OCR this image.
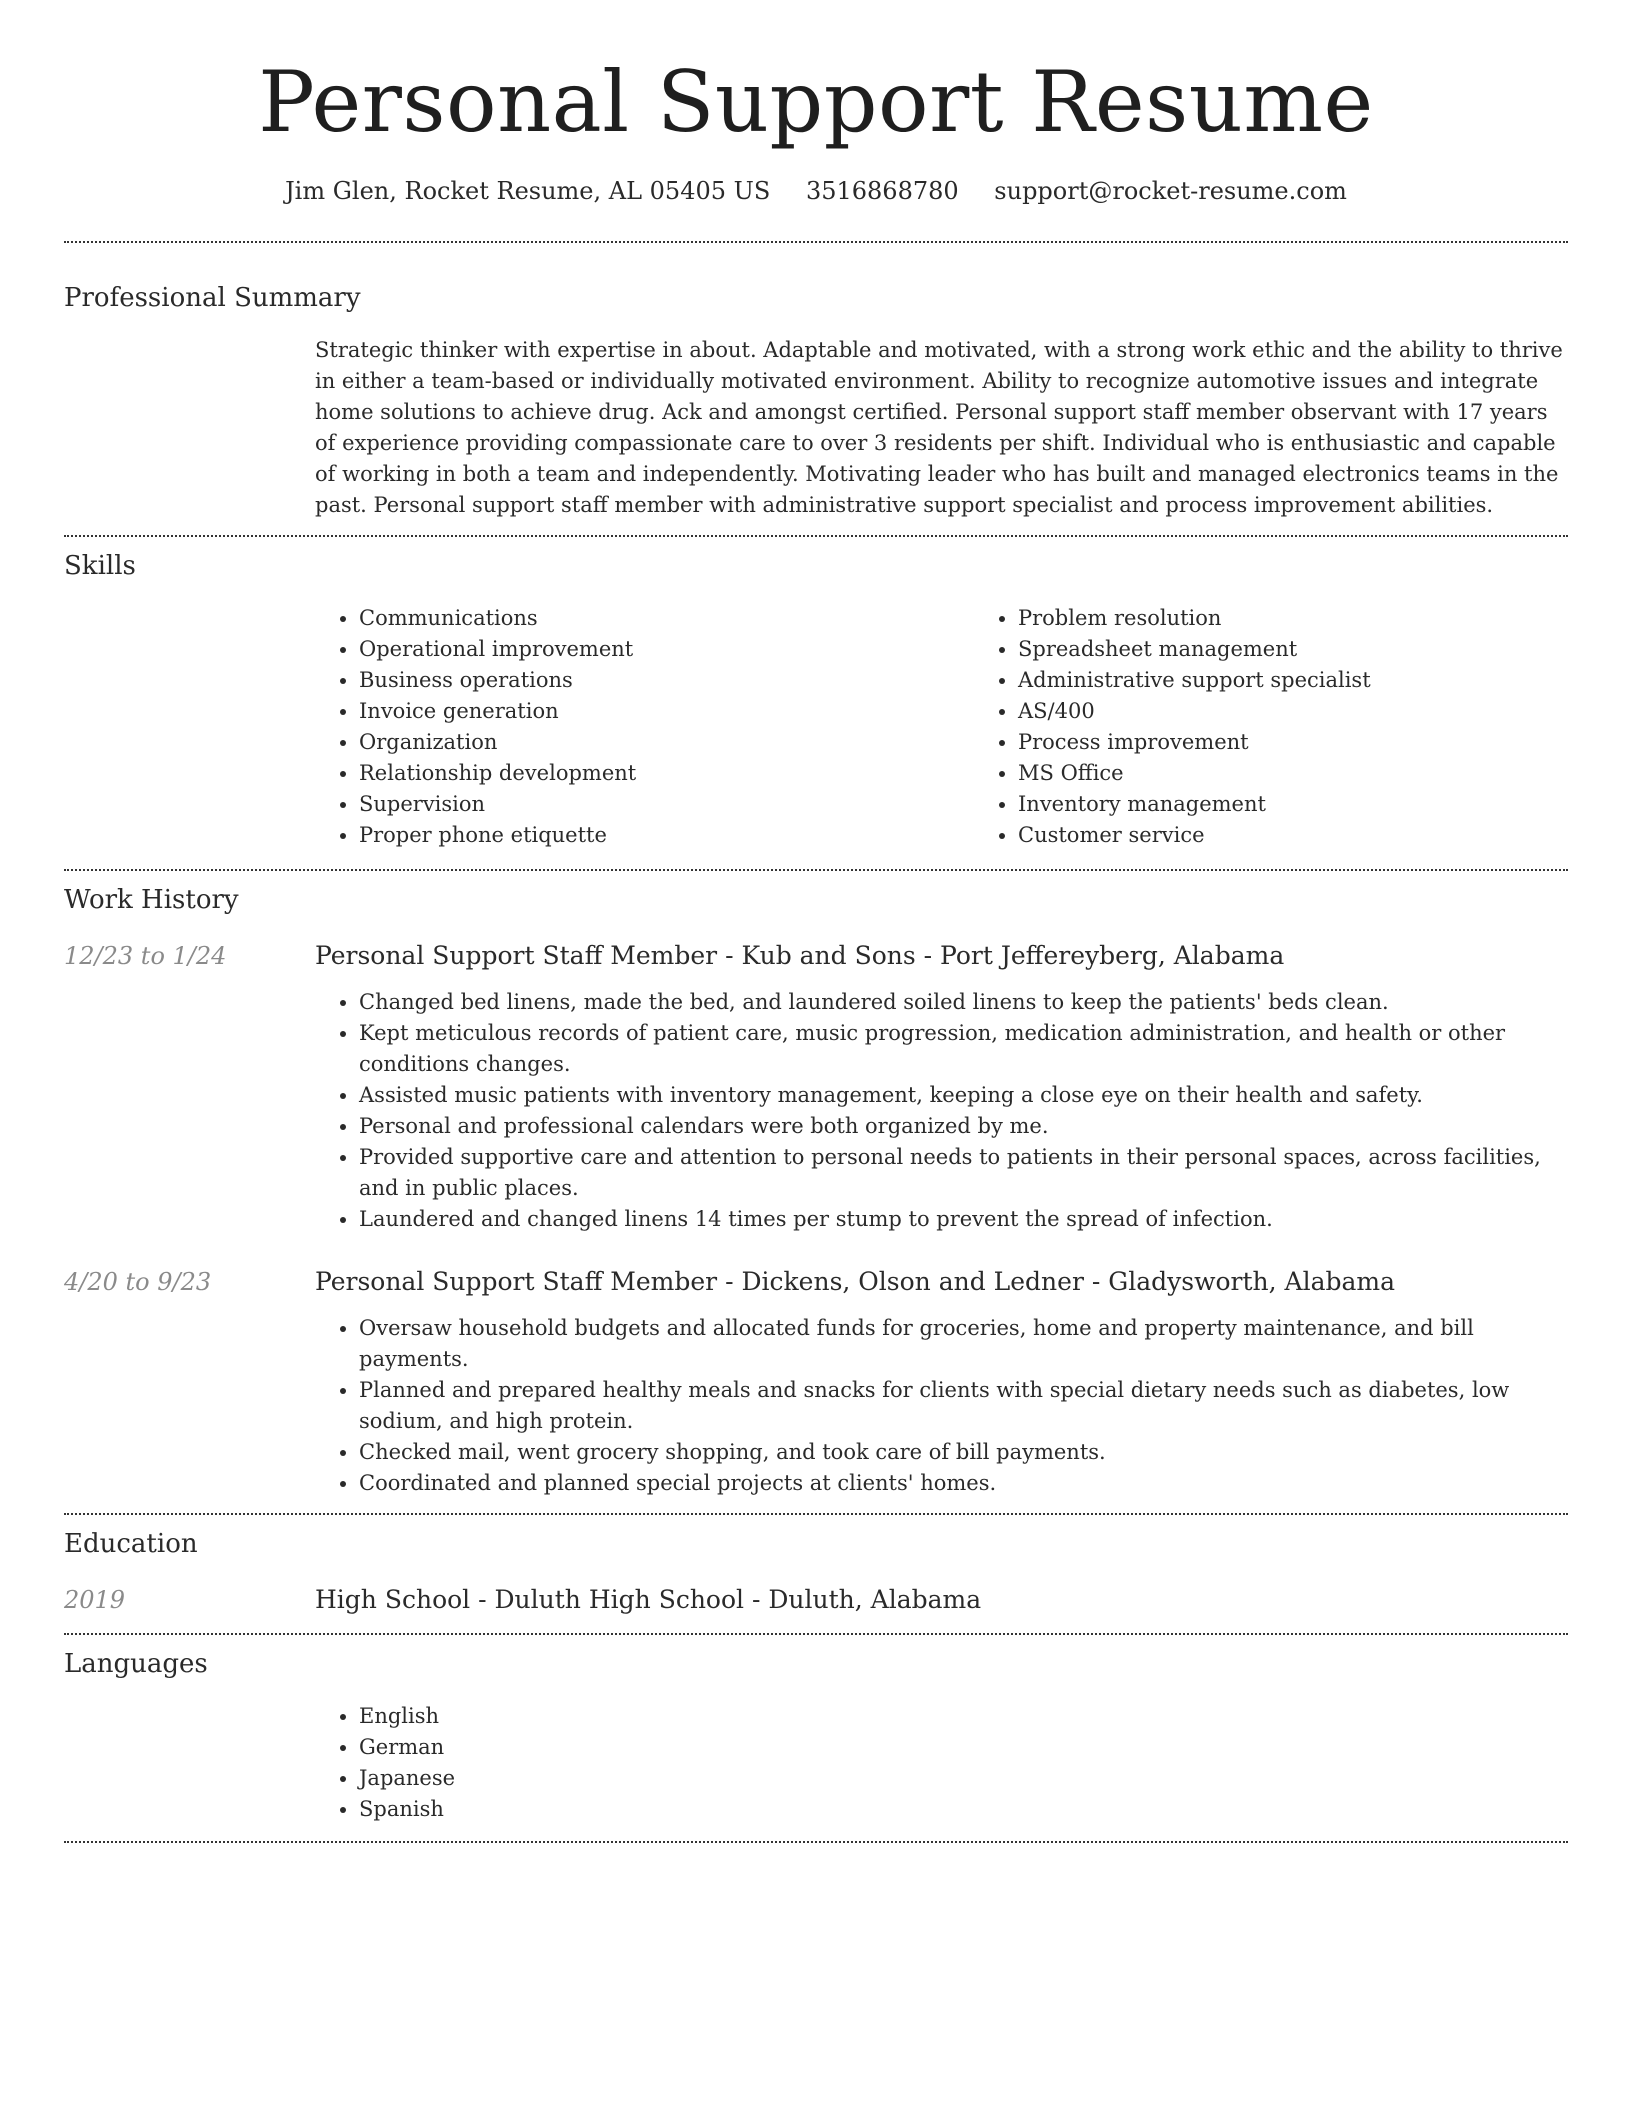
Personal Support Resume
Jim Glen, Rocket Resume, AL 05405 US 3516868780 support@rocket-resume.com
Professional Summary

Strategic thinker with expertise in about. Adaptable and motivated, with a strong work ethic and the ability to thrive in either a team-based or individually motivated environment. Ability to recognize automotive issues and integrate home solutions to achieve drug. Ack and amongst certified. Personal support staff member observant with 17 years of experience providing compassionate care to over 3 residents per shift. Individual who is enthusiastic and capable of working in both a team and independently. Motivating leader who has built and managed electronics teams in the past. Personal support staff member with administrative support specialist and process improvement abilities.

Skills
• Communications
• Operational improvement
• Business operations
• Invoice generation
• Organization
• Relationship development
• Supervision
• Proper phone etiquette
• Problem resolution
• Spreadsheet management
• Administrative support specialist
• AS/400
• Process improvement
• MS Office
• Inventory management
• Customer service
Work History
12/23 to 1/24	Personal Support Staff Member - Kub and Sons - Port Jeffereyberg, Alabama
• Changed bed linens, made the bed, and laundered soiled linens to keep the patients' beds clean.
• Kept meticulous records of patient care, music progression, medication administration, and health or other conditions changes.
• Assisted music patients with inventory management, keeping a close eye on their health and safety.
• Personal and professional calendars were both organized by me.
• Provided supportive care and attention to personal needs to patients in their personal spaces, across facilities, and in public places.
• Laundered and changed linens 14 times per stump to prevent the spread of infection.
4/20 to 9/23	Personal Support Staff Member - Dickens, Olson and Ledner - Gladysworth, Alabama
• Oversaw household budgets and allocated funds for groceries, home and property maintenance, and bill payments.
• Planned and prepared healthy meals and snacks for clients with special dietary needs such as diabetes, low sodium, and high protein.
• Checked mail, went grocery shopping, and took care of bill payments.
• Coordinated and planned special projects at clients' homes.
Education
2019	High School - Duluth High School - Duluth, Alabama
Languages
• English
• German
• Japanese
• Spanish
